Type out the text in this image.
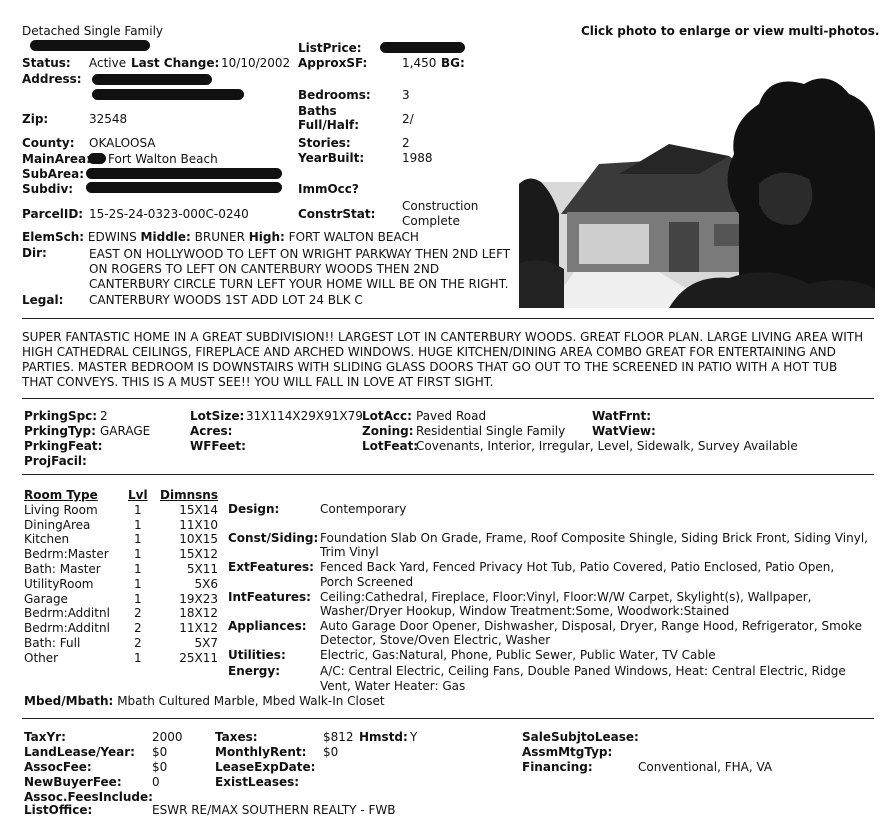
Detached Single Family	Click photo to enlarge or view multi-photos.
Status: Active Last Change: 10/10/2002
Address:
Zip:	32548
County: OKALOOSA
MainArea: Fort Walton Beach
SubArea:
Subdiv:
ParcelID: 15-2S-24-0323-000C-0240
ListPrice:
ApproxSF:	1,450 BG:
Bedrooms:	3
Baths
Full/Half:	2/
Stories:	2
YearBuilt:	1988
ImmOcc?
ConstrStat:
Construction
Complete
ElemSch: EDWINS Middle: BRUNER High: FORT WALTON BEACH
Dir:	EAST ON HOLLYWOOD TO LEFT ON WRIGHT PARKWAY THEN 2ND LEFT
ON ROGERS TO LEFT ON CANTERBURY WOODS THEN 2ND
CANTERBURY CIRCLE TURN LEFT YOUR HOME WILL BE ON THE RIGHT.
Legal: CANTERBURY WOODS 1ST ADD LOT 24 BLK C
SUPER FANTASTIC HOME IN A GREAT SUBDIVISION!! LARGEST LOT IN CANTERBURY WOODS. GREAT FLOOR PLAN. LARGE LIVING AREA WITH HIGH CATHEDRAL CEILINGS, FIREPLACE AND ARCHED WINDOWS. HUGE KITCHEN/DINING AREA COMBO GREAT FOR ENTERTAINING AND PARTIES. MASTER BEDROOM IS DOWNSTAIRS WITH SLIDING GLASS DOORS THAT GO OUT TO THE SCREENED IN PATIO WITH A HOT TUB THAT CONVEYS. THIS IS A MUST SEE!! YOU WILL FALL IN LOVE AT FIRST SIGHT.
PrkingSpc: 2
PrkingTyp: GARAGE
PrkingFeat:
ProjFacil:
LotSize: 31X114X29X91X79
Acres:
WFFeet:
LotAcc: Paved Road
Zoning: Residential Single Family
LotFeat:
Covenants, Interior, Irregular, Level, Sidewalk, Survey Available
WatFrnt:
WatView:
Room Type	Lvl	Dimnsns
Living Room	1	15X14
DiningArea	1	11X10
Kitchen	1	10X15
Bedrm:Master	1	15X12
Bath: Master	1	5X11
UtilityRoom	1	5X6
Garage	1	19X23
Bedrm:Additnl	2	18X12
Bedrm:Additnl	2	11X12
Bath: Full	2	5X7
Other	1	25X11
Design:	Contemporary
Const/Siding: Foundation Slab On Grade, Frame, Roof Composite Shingle, Siding Brick Front, Siding Vinyl,
Trim Vinyl
ExtFeatures: Fenced Back Yard, Fenced Privacy Hot Tub, Patio Covered, Patio Enclosed, Patio Open,
Porch Screened
IntFeatures: Ceiling:Cathedral, Fireplace, Floor:Vinyl, Floor:W/W Carpet, Skylight(s), Wallpaper,
Washer/Dryer Hookup, Window Treatment:Some, Woodwork:Stained
Appliances: Auto Garage Door Opener, Dishwasher, Disposal, Dryer, Range Hood, Refrigerator, Smoke
Detector, Stove/Oven Electric, Washer
Utilities:	Electric, Gas:Natural, Phone, Public Sewer, Public Water, TV Cable
Energy:	A/C: Central Electric, Ceiling Fans, Double Paned Windows, Heat: Central Electric, Ridge
Vent, Water Heater: Gas
Mbed/Mbath: Mbath Cultured Marble, Mbed Walk-In Closet
TaxYr:	2000
LandLease/Year: $0
AssocFee:	$0
NewBuyerFee:	0
Assoc.FeesInclude:
ListOffice:	ESWR RE/MAX SOUTHERN REALTY - FWB
Taxes:	$812 Hmstd: Y
MonthlyRent: $0
LeaseExpDate:
ExistLeases:
SaleSubjtoLease:
AssmMtgTyp:
Financing:	Conventional, FHA, VA
